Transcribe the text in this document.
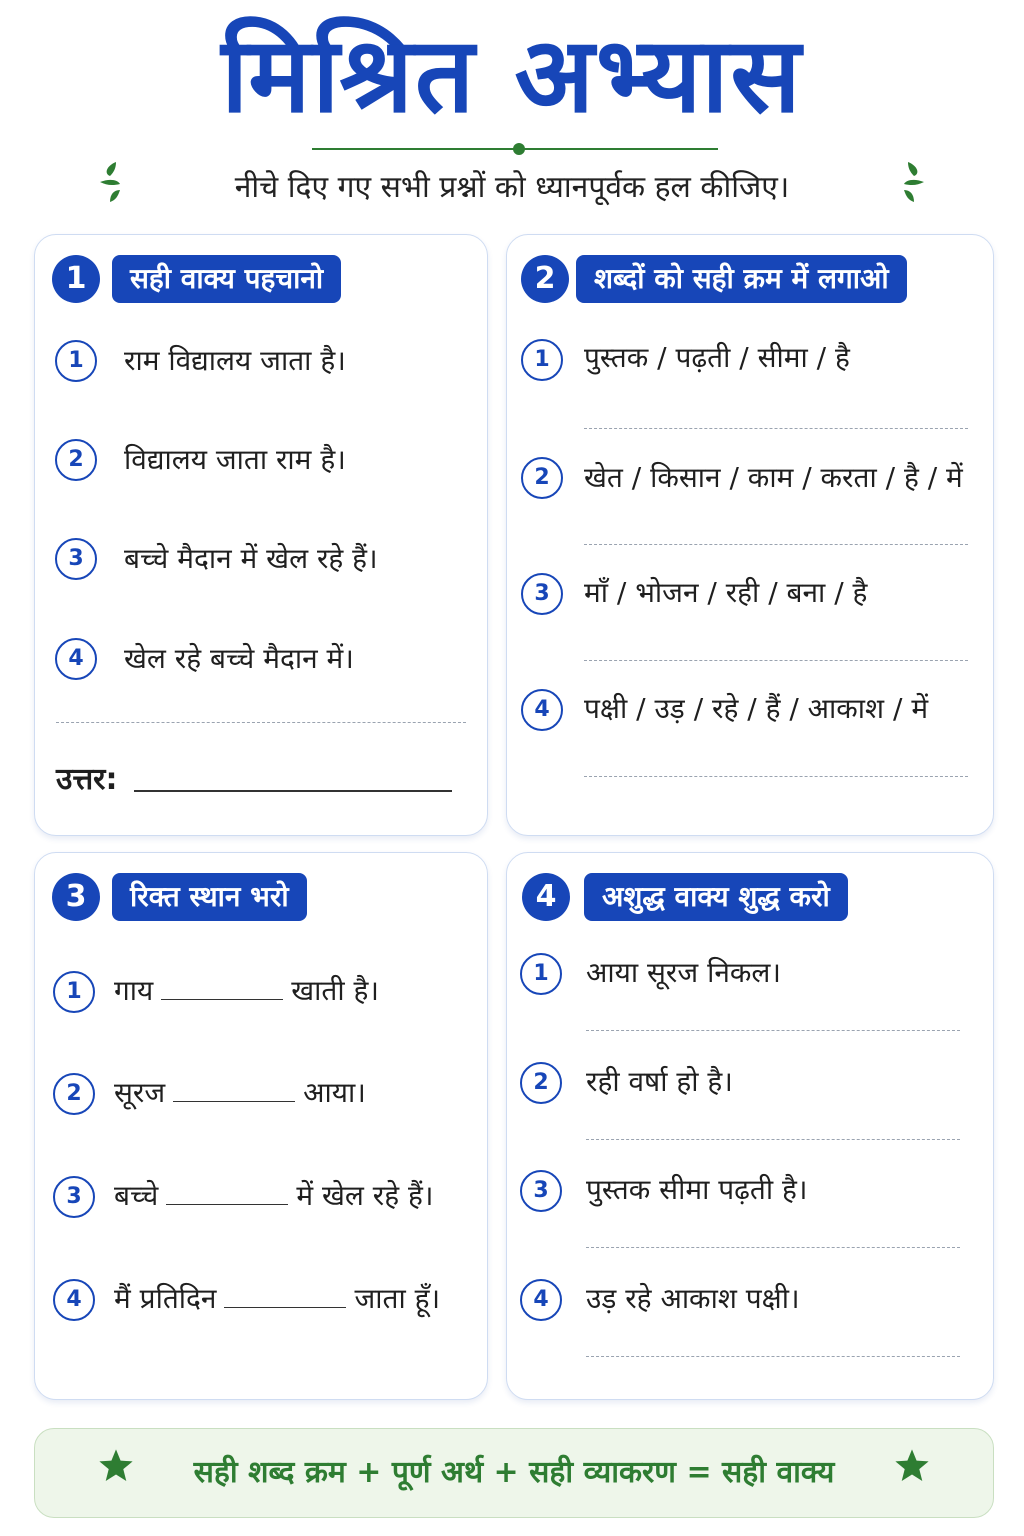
मिश्रित अभ्यास
नीचे दिए गए सभी प्रश्नों को ध्यानपूर्वक हल कीजिए।
1	सही वाक्य पहचानो
1	राम विद्यालय जाता है।
2	विद्यालय जाता राम है।
3	बच्चे मैदान में खेल रहे हैं।
4	खेल रहे बच्चे मैदान में।
उत्तर:
2	शब्दों को सही क्रम में लगाओ
1	पुस्तक / पढ़ती / सीमा / है
2	खेत / किसान / काम / करता / है / में
3	माँ / भोजन / रही / बना / है
4	पक्षी / उड़ / रहे / हैं / आकाश / में
3	रिक्त स्थान भरो
1	गाय	खाती है।
2	सूरज	आया।
3	बच्चे	में खेल रहे हैं।
4	मैं प्रतिदिन	जाता हूँ।
4	अशुद्ध वाक्य शुद्ध करो
1	आया सूरज निकल।
2	रही वर्षा हो है।
3	पुस्तक सीमा पढ़ती है।
4	उड़ रहे आकाश पक्षी।
सही शब्द क्रम + पूर्ण अर्थ + सही व्याकरण = सही वाक्य
